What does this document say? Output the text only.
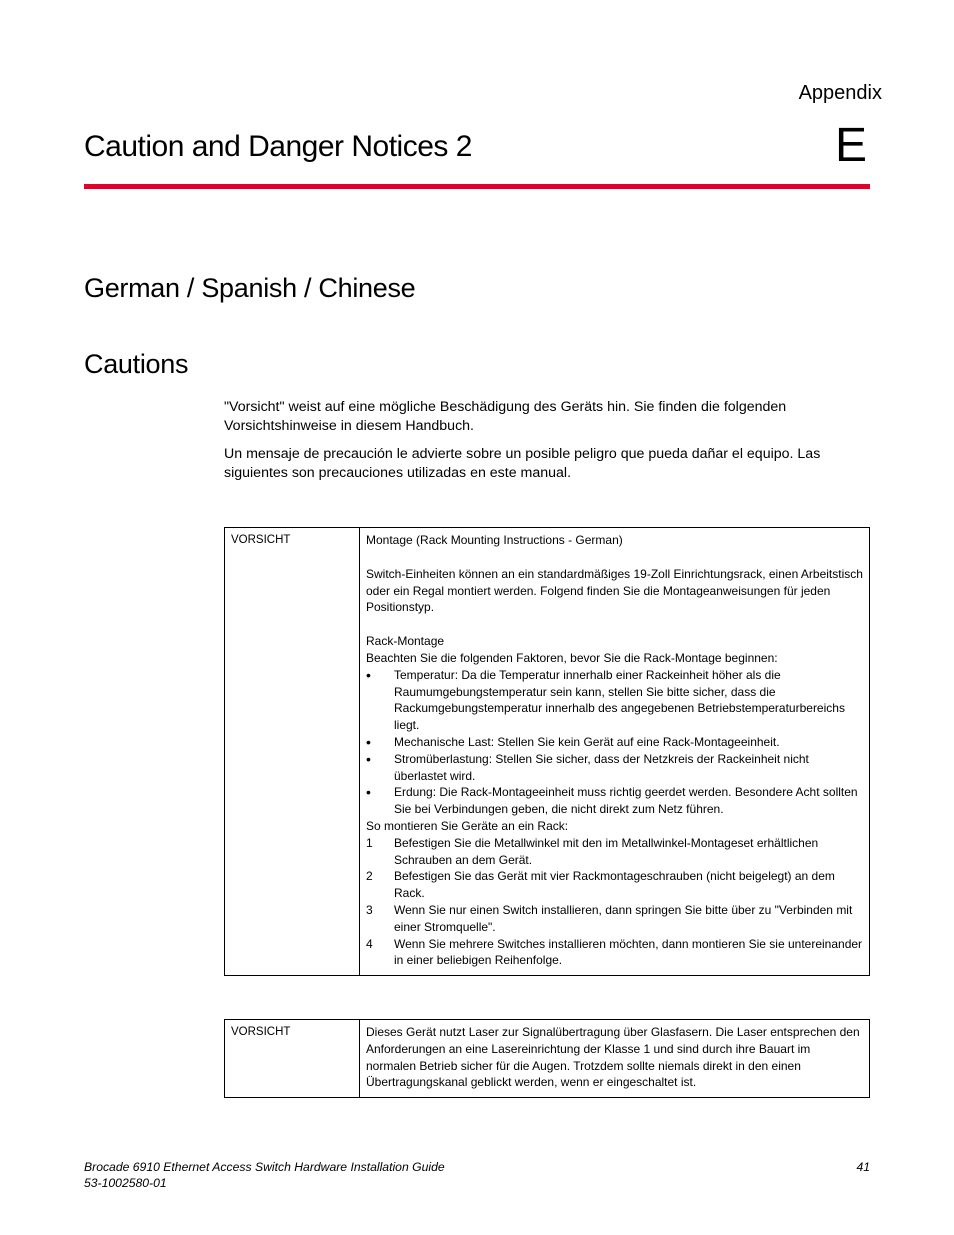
Appendix
E
Caution and Danger Notices 2
German / Spanish / Chinese
Cautions
"Vorsicht" weist auf eine mögliche Beschädigung des Geräts hin. Sie finden die folgenden Vorsichtshinweise in diesem Handbuch.
Un mensaje de precaución le advierte sobre un posible peligro que pueda dañar el equipo. Las siguientes son precauciones utilizadas en este manual.
VORSICHT	Montage (Rack Mounting Instructions - German)
Switch-Einheiten können an ein standardmäßiges 19-Zoll Einrichtungsrack, einen Arbeitstisch oder ein Regal montiert werden. Folgend finden Sie die Montageanweisungen für jeden Positionstyp.
Rack-Montage
Beachten Sie die folgenden Faktoren, bevor Sie die Rack-Montage beginnen:
•	Temperatur: Da die Temperatur innerhalb einer Rackeinheit höher als die Raumumgebungstemperatur sein kann, stellen Sie bitte sicher, dass die Rackumgebungstemperatur innerhalb des angegebenen Betriebstemperaturbereichs liegt.
•	Mechanische Last: Stellen Sie kein Gerät auf eine Rack-Montageeinheit.
•	Stromüberlastung: Stellen Sie sicher, dass der Netzkreis der Rackeinheit nicht überlastet wird.
•	Erdung: Die Rack-Montageeinheit muss richtig geerdet werden. Besondere Acht sollten Sie bei Verbindungen geben, die nicht direkt zum Netz führen.
So montieren Sie Geräte an ein Rack:
1	Befestigen Sie die Metallwinkel mit den im Metallwinkel-Montageset erhältlichen Schrauben an dem Gerät.
2	Befestigen Sie das Gerät mit vier Rackmontageschrauben (nicht beigelegt) an dem Rack.
3	Wenn Sie nur einen Switch installieren, dann springen Sie bitte über zu "Verbinden mit einer Stromquelle".
4	Wenn Sie mehrere Switches installieren möchten, dann montieren Sie sie untereinander in einer beliebigen Reihenfolge.
VORSICHT	Dieses Gerät nutzt Laser zur Signalübertragung über Glasfasern. Die Laser entsprechen den Anforderungen an eine Lasereinrichtung der Klasse 1 und sind durch ihre Bauart im normalen Betrieb sicher für die Augen. Trotzdem sollte niemals direkt in den einen Übertragungskanal geblickt werden, wenn er eingeschaltet ist.
Brocade 6910 Ethernet Access Switch Hardware Installation Guide
53-1002580-01
41
